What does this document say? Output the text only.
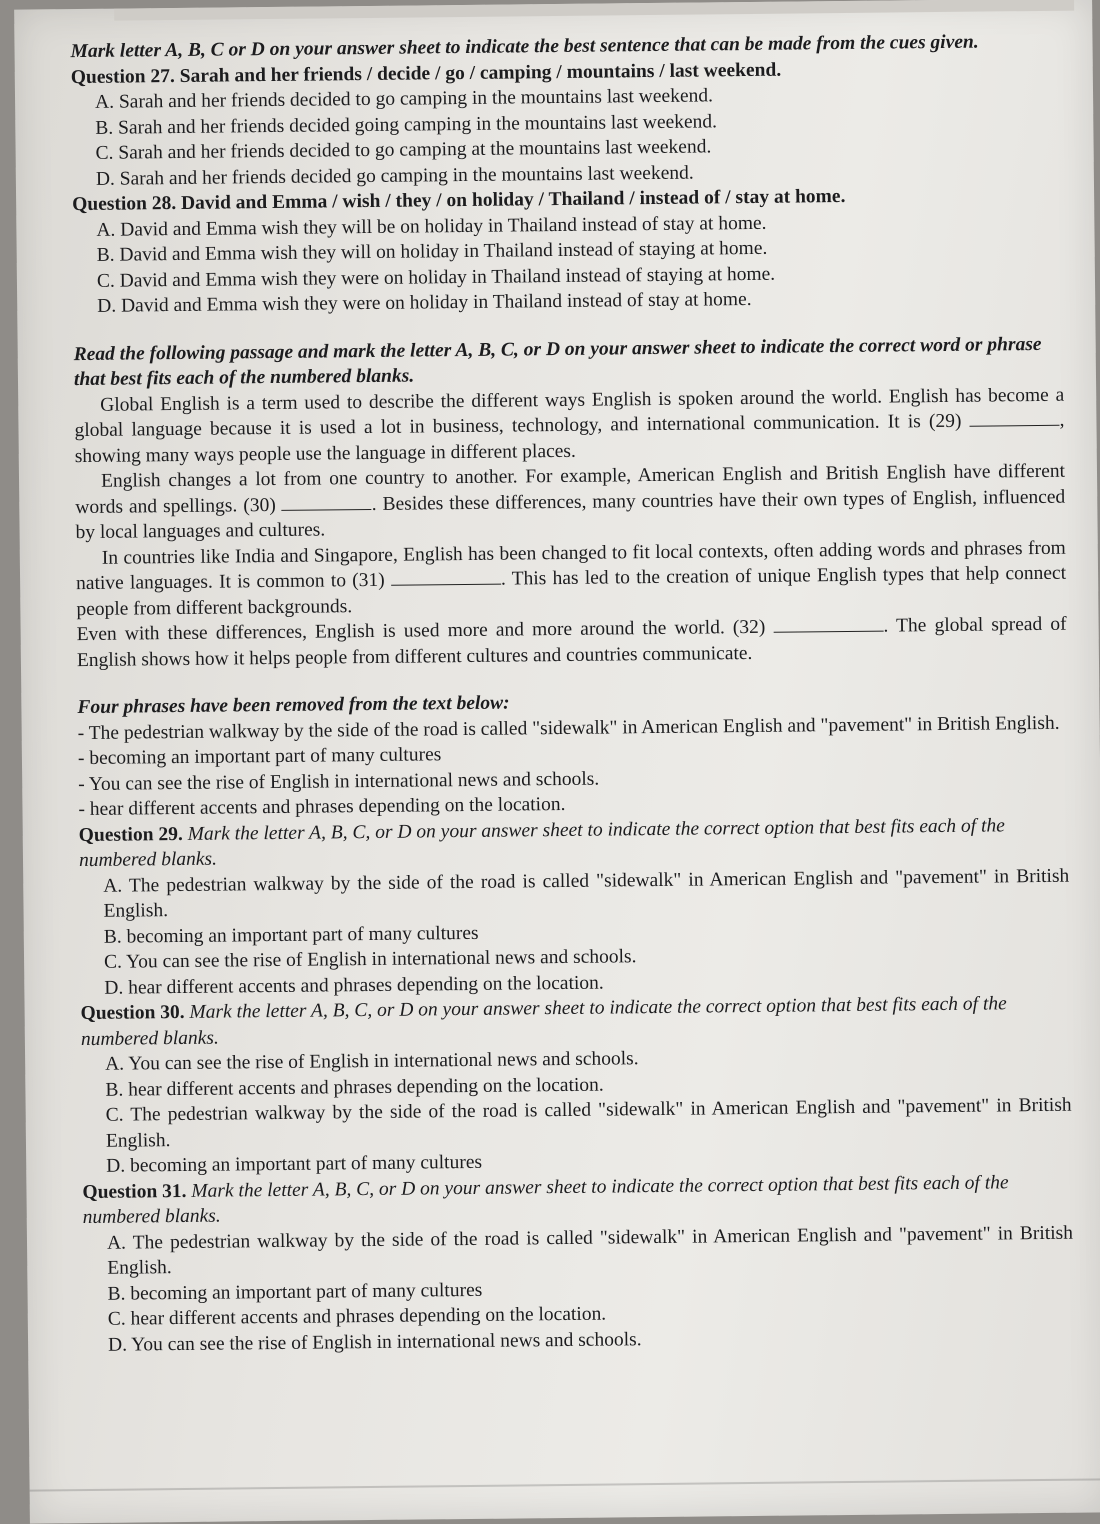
Mark letter A, B, C or D on your answer sheet to indicate the best sentence that can be made from the cues given.

Question 27. Sarah and her friends / decide / go / camping / mountains / last weekend.

A. Sarah and her friends decided to go camping in the mountains last weekend.

B. Sarah and her friends decided going camping in the mountains last weekend.

C. Sarah and her friends decided to go camping at the mountains last weekend.

D. Sarah and her friends decided go camping in the mountains last weekend.

Question 28. David and Emma / wish / they / on holiday / Thailand / instead of / stay at home.

A. David and Emma wish they will be on holiday in Thailand instead of stay at home.

B. David and Emma wish they will on holiday in Thailand instead of staying at home.

C. David and Emma wish they were on holiday in Thailand instead of staying at home.

D. David and Emma wish they were on holiday in Thailand instead of stay at home.

Read the following passage and mark the letter A, B, C, or D on your answer sheet to indicate the correct word or phrase that best fits each of the numbered blanks.

Global English is a term used to describe the different ways English is spoken around the world. English has become a global language because it is used a lot in business, technology, and international communication. It is (29)	, showing many ways people use the language in different places.

English changes a lot from one country to another. For example, American English and British English have different words and spellings. (30)	. Besides these differences, many countries have their own types of English, influenced by local languages and cultures.

In countries like India and Singapore, English has been changed to fit local contexts, often adding words and phrases from native languages. It is common to (31)	. This has led to the creation of unique English types that help connect people from different backgrounds.

Even with these differences, English is used more and more around the world. (32)	. The global spread of English shows how it helps people from different cultures and countries communicate.

Four phrases have been removed from the text below:

- The pedestrian walkway by the side of the road is called "sidewalk" in American English and "pavement" in British English.

- becoming an important part of many cultures

- You can see the rise of English in international news and schools.

- hear different accents and phrases depending on the location.

Question 29. Mark the letter A, B, C, or D on your answer sheet to indicate the correct option that best fits each of the numbered blanks.

A. The pedestrian walkway by the side of the road is called "sidewalk" in American English and "pavement" in British English.

B. becoming an important part of many cultures

C. You can see the rise of English in international news and schools.

D. hear different accents and phrases depending on the location.

Question 30. Mark the letter A, B, C, or D on your answer sheet to indicate the correct option that best fits each of the numbered blanks.

A. You can see the rise of English in international news and schools.

B. hear different accents and phrases depending on the location.

C. The pedestrian walkway by the side of the road is called "sidewalk" in American English and "pavement" in British English.

D. becoming an important part of many cultures

Question 31. Mark the letter A, B, C, or D on your answer sheet to indicate the correct option that best fits each of the numbered blanks.

A. The pedestrian walkway by the side of the road is called "sidewalk" in American English and "pavement" in British English.

B. becoming an important part of many cultures

C. hear different accents and phrases depending on the location.

D. You can see the rise of English in international news and schools.
